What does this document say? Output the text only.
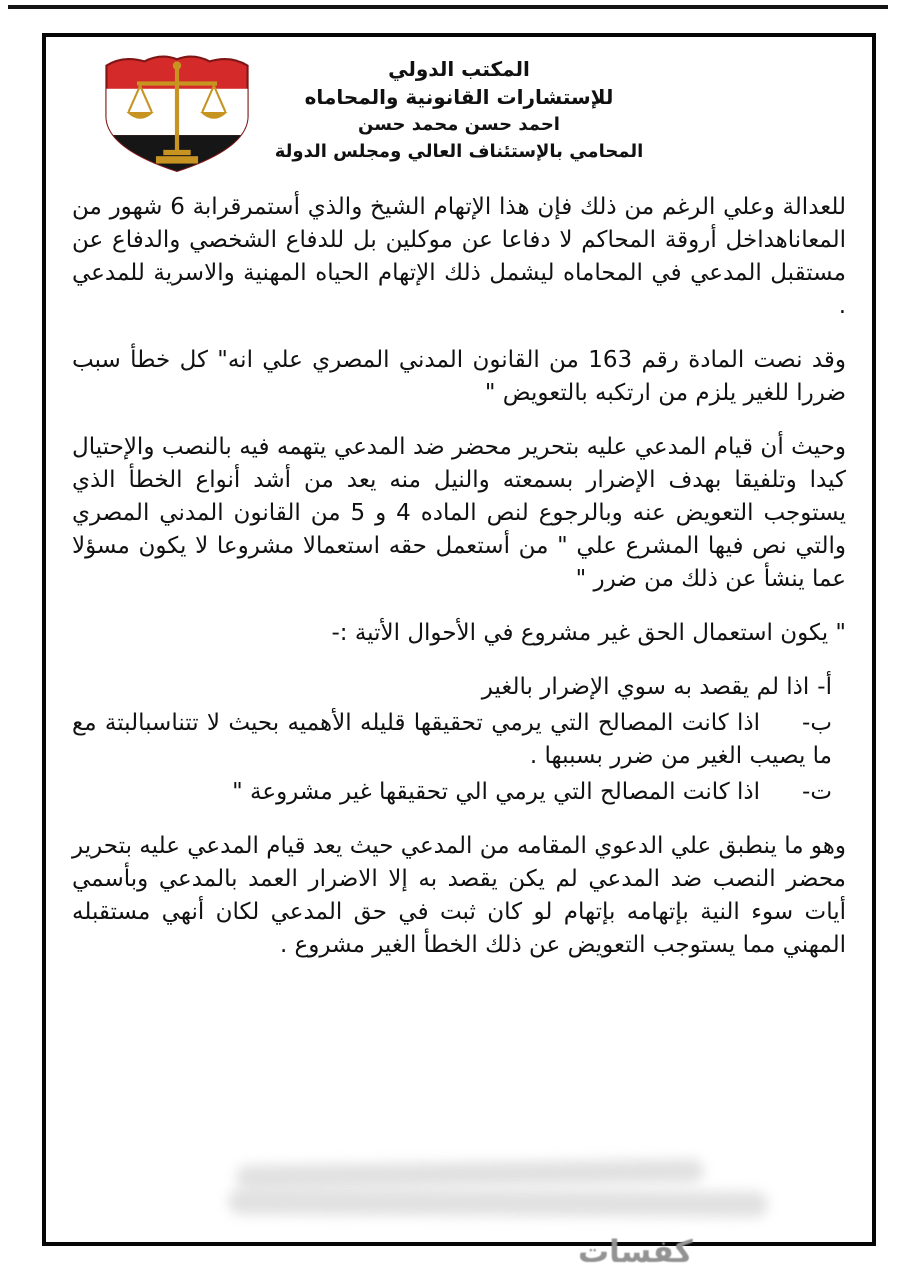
المكتب الدولي
للإستشارات القانونية والمحاماه
احمد حسن محمد حسن
المحامي بالإستئناف العالي ومجلس الدولة

للعدالة وعلي الرغم من ذلك فإن هذا الإتهام الشيخ والذي أستمرقرابة 6 شهور من المعاناهداخل أروقة المحاكم لا دفاعا عن موكلين بل للدفاع الشخصي والدفاع عن مستقبل المدعي في المحاماه ليشمل ذلك الإتهام الحياه المهنية والاسرية للمدعي .

وقد نصت المادة رقم 163 من القانون المدني المصري علي انه" كل خطأ سبب ضررا للغير يلزم من ارتكبه بالتعويض "

وحيث أن قيام المدعي عليه بتحرير محضر ضد المدعي يتهمه فيه بالنصب والإحتيال كيدا وتلفيقا بهدف الإضرار بسمعته والنيل منه يعد من أشد أنواع الخطأ الذي يستوجب التعويض عنه وبالرجوع لنص الماده 4 و 5 من القانون المدني المصري والتي نص فيها المشرع علي " من أستعمل حقه استعمالا مشروعا لا يكون مسؤلا عما ينشأ عن ذلك من ضرر "

" يكون استعمال الحق غير مشروع في الأحوال الأتية :-

أ-اذا لم يقصد به سوي الإضرار بالغير
ب-اذا كانت المصالح التي يرمي تحقيقها قليله الأهميه بحيث لا تتناسبالبتة مع ما يصيب الغير من ضرر بسببها .
ت-اذا كانت المصالح التي يرمي الي تحقيقها غير مشروعة "

وهو ما ينطبق علي الدعوي المقامه من المدعي حيث يعد قيام المدعي عليه بتحرير محضر النصب ضد المدعي لم يكن يقصد به إلا الاضرار العمد بالمدعي وبأسمي أيات سوء النية بإتهامه بإتهام لو كان ثبت في حق المدعي لكان أنهي مستقبله المهني مما يستوجب التعويض عن ذلك الخطأ الغير مشروع .

كفسات
